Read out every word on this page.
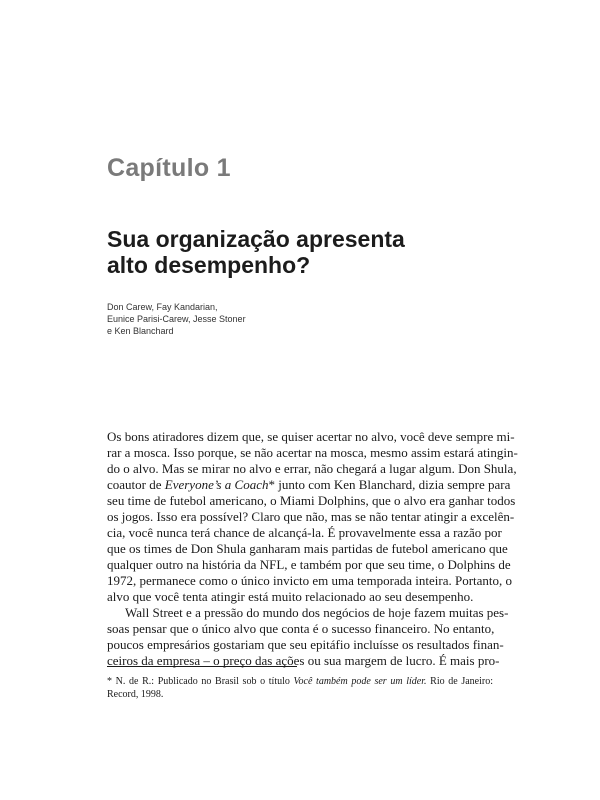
Capítulo 1
Sua organização apresenta
alto desempenho?
Don Carew, Fay Kandarian,
Eunice Parisi-Carew, Jesse Stoner
e Ken Blanchard
Os bons atiradores dizem que, se quiser acertar no alvo, você deve sempre mi-
rar a mosca. Isso porque, se não acertar na mosca, mesmo assim estará atingin-
do o alvo. Mas se mirar no alvo e errar, não chegará a lugar algum. Don Shula,
coautor de Everyone’s a Coach* junto com Ken Blanchard, dizia sempre para
seu time de futebol americano, o Miami Dolphins, que o alvo era ganhar todos
os jogos. Isso era possível? Claro que não, mas se não tentar atingir a excelên-
cia, você nunca terá chance de alcançá-la. É provavelmente essa a razão por
que os times de Don Shula ganharam mais partidas de futebol americano que
qualquer outro na história da NFL, e também por que seu time, o Dolphins de
1972, permanece como o único invicto em uma temporada inteira. Portanto, o
alvo que você tenta atingir está muito relacionado ao seu desempenho.
Wall Street e a pressão do mundo dos negócios de hoje fazem muitas pes-
soas pensar que o único alvo que conta é o sucesso financeiro. No entanto,
poucos empresários gostariam que seu epitáfio incluísse os resultados finan-
ceiros da empresa – o preço das ações ou sua margem de lucro. É mais pro-
* N. de R.: Publicado no Brasil sob o título Você também pode ser um líder. Rio de Janeiro:
Record, 1998.
